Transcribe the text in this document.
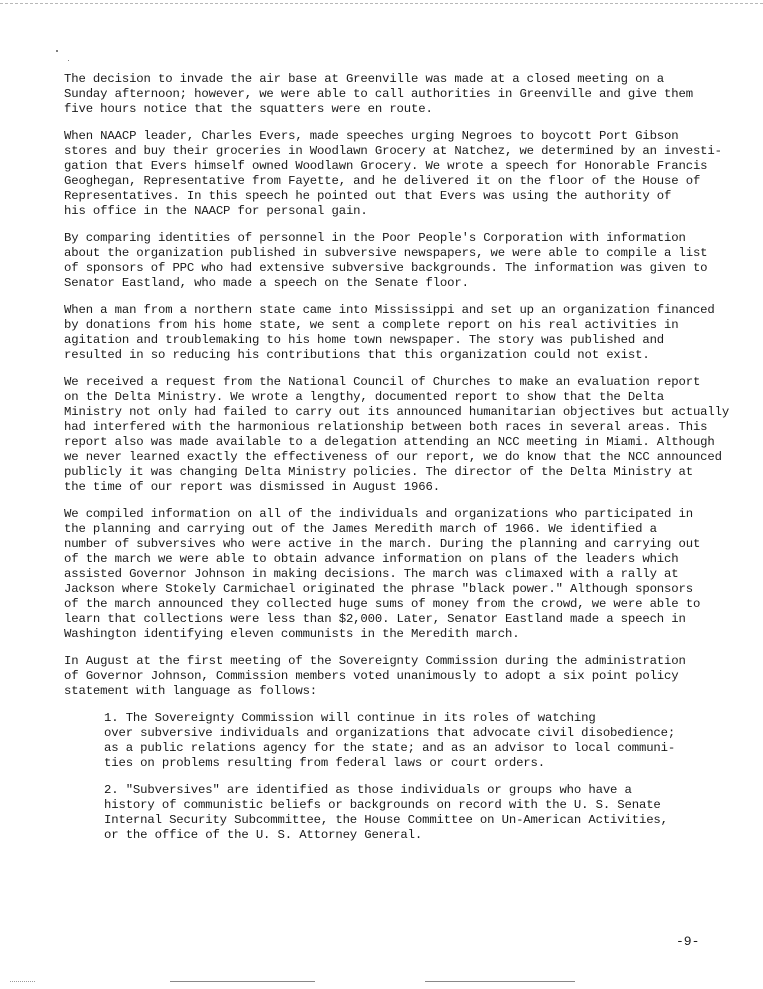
The decision to invade the air base at Greenville was made at a closed meeting on a
Sunday afternoon; however, we were able to call authorities in Greenville and give them
five hours notice that the squatters were en route.

When NAACP leader, Charles Evers, made speeches urging Negroes to boycott Port Gibson
stores and buy their groceries in Woodlawn Grocery at Natchez, we determined by an investi-
gation that Evers himself owned Woodlawn Grocery. We wrote a speech for Honorable Francis
Geoghegan, Representative from Fayette, and he delivered it on the floor of the House of
Representatives. In this speech he pointed out that Evers was using the authority of
his office in the NAACP for personal gain.

By comparing identities of personnel in the Poor People's Corporation with information
about the organization published in subversive newspapers, we were able to compile a list
of sponsors of PPC who had extensive subversive backgrounds. The information was given to
Senator Eastland, who made a speech on the Senate floor.

When a man from a northern state came into Mississippi and set up an organization financed
by donations from his home state, we sent a complete report on his real activities in
agitation and troublemaking to his home town newspaper. The story was published and
resulted in so reducing his contributions that this organization could not exist.

We received a request from the National Council of Churches to make an evaluation report
on the Delta Ministry. We wrote a lengthy, documented report to show that the Delta
Ministry not only had failed to carry out its announced humanitarian objectives but actually
had interfered with the harmonious relationship between both races in several areas. This
report also was made available to a delegation attending an NCC meeting in Miami. Although
we never learned exactly the effectiveness of our report, we do know that the NCC announced
publicly it was changing Delta Ministry policies. The director of the Delta Ministry at
the time of our report was dismissed in August 1966.

We compiled information on all of the individuals and organizations who participated in
the planning and carrying out of the James Meredith march of 1966. We identified a
number of subversives who were active in the march. During the planning and carrying out
of the march we were able to obtain advance information on plans of the leaders which
assisted Governor Johnson in making decisions. The march was climaxed with a rally at
Jackson where Stokely Carmichael originated the phrase "black power." Although sponsors
of the march announced they collected huge sums of money from the crowd, we were able to
learn that collections were less than $2,000. Later, Senator Eastland made a speech in
Washington identifying eleven communists in the Meredith march.

In August at the first meeting of the Sovereignty Commission during the administration
of Governor Johnson, Commission members voted unanimously to adopt a six point policy
statement with language as follows:

1. The Sovereignty Commission will continue in its roles of watching
over subversive individuals and organizations that advocate civil disobedience;
as a public relations agency for the state; and as an advisor to local communi-
ties on problems resulting from federal laws or court orders.

2. "Subversives" are identified as those individuals or groups who have a
history of communistic beliefs or backgrounds on record with the U. S. Senate
Internal Security Subcommittee, the House Committee on Un-American Activities,
or the office of the U. S. Attorney General.

-9-
